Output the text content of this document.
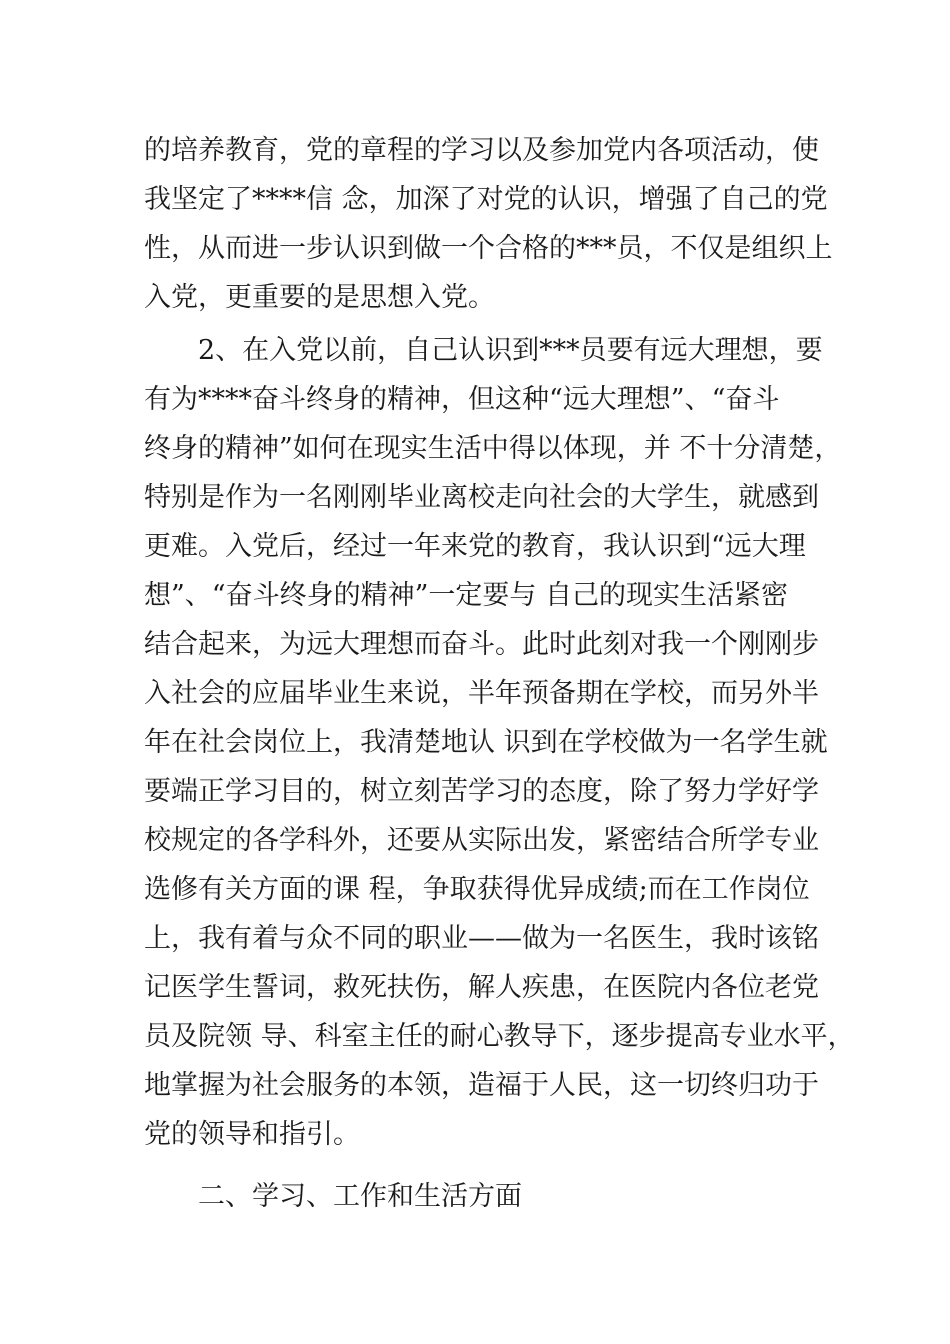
的培养教育，党的章程的学习以及参加党内各项活动，使
我坚定了****信 念，加深了对党的认识，增强了自己的党
性，从而进一步认识到做一个合格的***员，不仅是组织上
入党，更重要的是思想入党。
2、在入党以前，自己认识到***员要有远大理想，要
有为****奋斗终身的精神，但这种“远大理想”、“奋斗
终身的精神”如何在现实生活中得以体现，并 不十分清楚，
特别是作为一名刚刚毕业离校走向社会的大学生，就感到
更难。入党后，经过一年来党的教育，我认识到“远大理
想”、“奋斗终身的精神”一定要与 自己的现实生活紧密
结合起来，为远大理想而奋斗。此时此刻对我一个刚刚步
入社会的应届毕业生来说，半年预备期在学校，而另外半
年在社会岗位上，我清楚地认 识到在学校做为一名学生就
要端正学习目的，树立刻苦学习的态度，除了努力学好学
校规定的各学科外，还要从实际出发，紧密结合所学专业
选修有关方面的课 程，争取获得优异成绩;而在工作岗位
上，我有着与众不同的职业——做为一名医生，我时该铭
记医学生誓词，救死扶伤，解人疾患，在医院内各位老党
员及院领 导、科室主任的耐心教导下，逐步提高专业水平，
地掌握为社会服务的本领，造福于人民，这一切终归功于
党的领导和指引。
二、学习、工作和生活方面
